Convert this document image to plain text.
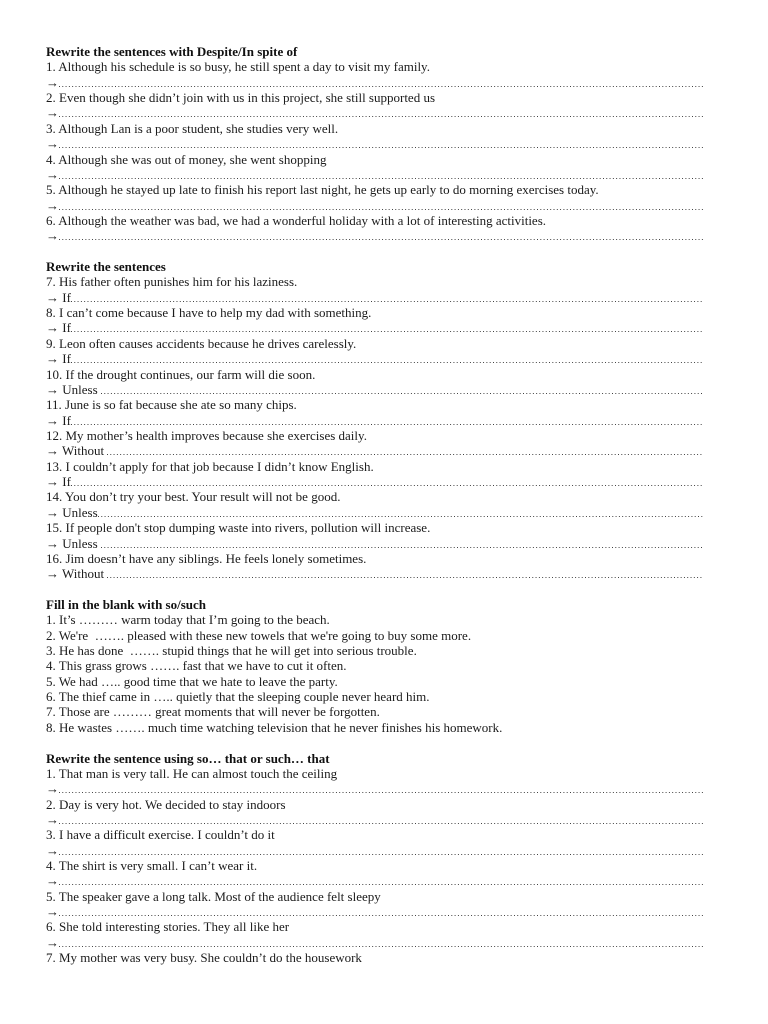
Rewrite the sentences with Despite/In spite of
1. Although his schedule is so busy, he still spent a day to visit my family.
→
2. Even though she didn’t join with us in this project, she still supported us
→
3. Although Lan is a poor student, she studies very well.
→
4. Although she was out of money, she went shopping
→
5. Although he stayed up late to finish his report last night, he gets up early to do morning exercises today.
→
6. Although the weather was bad, we had a wonderful holiday with a lot of interesting activities.
→
Rewrite the sentences
7. His father often punishes him for his laziness.
→ If
8. I can’t come because I have to help my dad with something.
→ If
9. Leon often causes accidents because he drives carelessly.
→ If
10. If the drought continues, our farm will die soon.
→ Unless
11. June is so fat because she ate so many chips.
→ If
12. My mother’s health improves because she exercises daily.
→ Without
13. I couldn’t apply for that job because I didn’t know English.
→ If
14. You don’t try your best. Your result will not be good.
→ Unless
15. If people don't stop dumping waste into rivers, pollution will increase.
→ Unless
16. Jim doesn’t have any siblings. He feels lonely sometimes.
→ Without
Fill in the blank with so/such
1. It’s ……… warm today that I’m going to the beach.
2. We're  ……. pleased with these new towels that we're going to buy some more.
3. He has done  ……. stupid things that he will get into serious trouble.
4. This grass grows ……. fast that we have to cut it often.
5. We had ….. good time that we hate to leave the party.
6. The thief came in ….. quietly that the sleeping couple never heard him.
7. Those are ……… great moments that will never be forgotten.
8. He wastes ……. much time watching television that he never finishes his homework.
Rewrite the sentence using so… that or such… that
1. That man is very tall. He can almost touch the ceiling
→
2. Day is very hot. We decided to stay indoors
→
3. I have a difficult exercise. I couldn’t do it
→
4. The shirt is very small. I can’t wear it.
→
5. The speaker gave a long talk. Most of the audience felt sleepy
→
6. She told interesting stories. They all like her
→
7. My mother was very busy. She couldn’t do the housework
